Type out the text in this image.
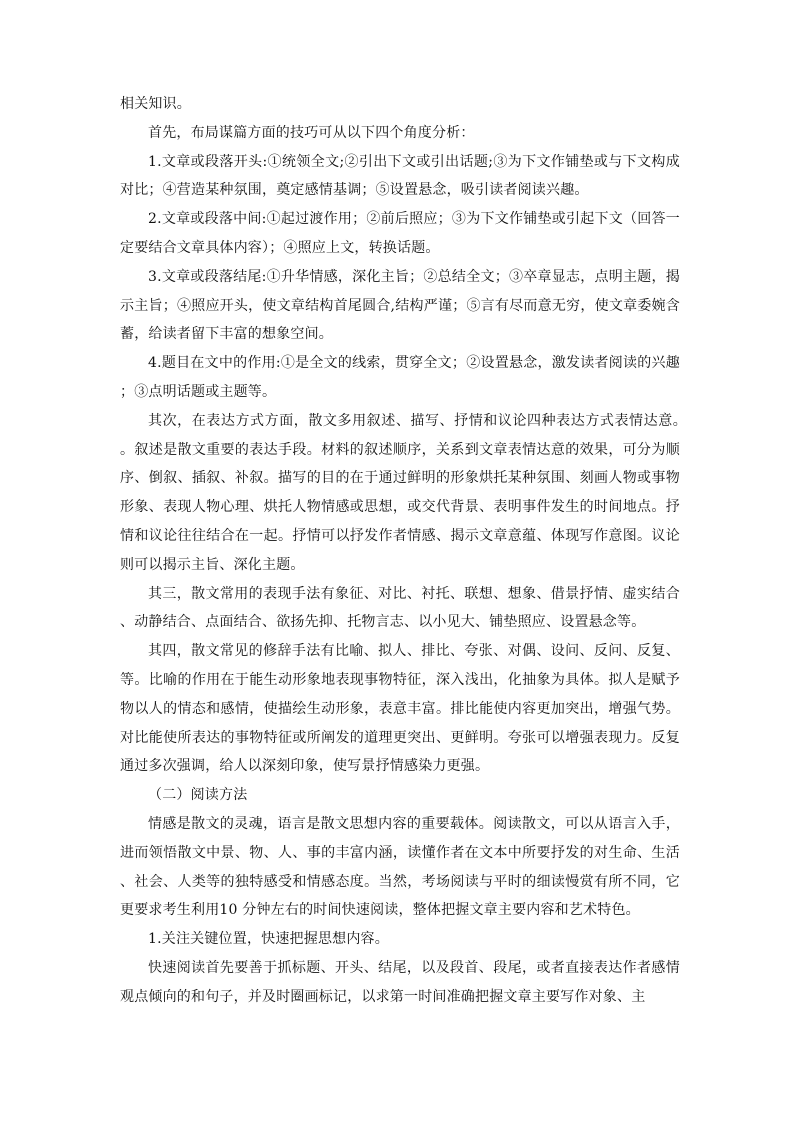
相关知识。

首先，布局谋篇方面的技巧可从以下四个角度分析：

1.文章或段落开头:①统领全文;②引出下文或引出话题;③为下文作铺垫或与下文构成对比；④营造某种氛围，奠定感情基调；⑤设置悬念，吸引读者阅读兴趣。

2.文章或段落中间:①起过渡作用；②前后照应；③为下文作铺垫或引起下文（回答一定要结合文章具体内容）；④照应上文，转换话题。

3.文章或段落结尾:①升华情感，深化主旨；②总结全文；③卒章显志，点明主题，揭示主旨；④照应开头，使文章结构首尾圆合,结构严谨；⑤言有尽而意无穷，使文章委婉含蓄，给读者留下丰富的想象空间。

4.题目在文中的作用:①是全文的线索，贯穿全文；②设置悬念，激发读者阅读的兴趣；③点明话题或主题等。

其次，在表达方式方面，散文多用叙述、描写、抒情和议论四种表达方式表情达意。。叙述是散文重要的表达手段。材料的叙述顺序，关系到文章表情达意的效果，可分为顺序、倒叙、插叙、补叙。描写的目的在于通过鲜明的形象烘托某种氛围、刻画人物或事物形象、表现人物心理、烘托人物情感或思想，或交代背景、表明事件发生的时间地点。抒情和议论往往结合在一起。抒情可以抒发作者情感、揭示文章意蕴、体现写作意图。议论则可以揭示主旨、深化主题。

其三，散文常用的表现手法有象征、对比、衬托、联想、想象、借景抒情、虚实结合、动静结合、点面结合、欲扬先抑、托物言志、以小见大、铺垫照应、设置悬念等。

其四，散文常见的修辞手法有比喻、拟人、排比、夸张、对偶、设问、反问、反复、等。比喻的作用在于能生动形象地表现事物特征，深入浅出，化抽象为具体。拟人是赋予物以人的情态和感情，使描绘生动形象，表意丰富。排比能使内容更加突出，增强气势。对比能使所表达的事物特征或所阐发的道理更突出、更鲜明。夸张可以增强表现力。反复通过多次强调，给人以深刻印象，使写景抒情感染力更强。

（二）阅读方法

情感是散文的灵魂，语言是散文思想内容的重要载体。阅读散文，可以从语言入手，进而领悟散文中景、物、人、事的丰富内涵，读懂作者在文本中所要抒发的对生命、生活、社会、人类等的独特感受和情感态度。当然，考场阅读与平时的细读慢赏有所不同，它更要求考生利用10 分钟左右的时间快速阅读，整体把握文章主要内容和艺术特色。

1.关注关键位置，快速把握思想内容。

快速阅读首先要善于抓标题、开头、结尾，以及段首、段尾，或者直接表达作者感情观点倾向的和句子，并及时圈画标记，以求第一时间准确把握文章主要写作对象、主
